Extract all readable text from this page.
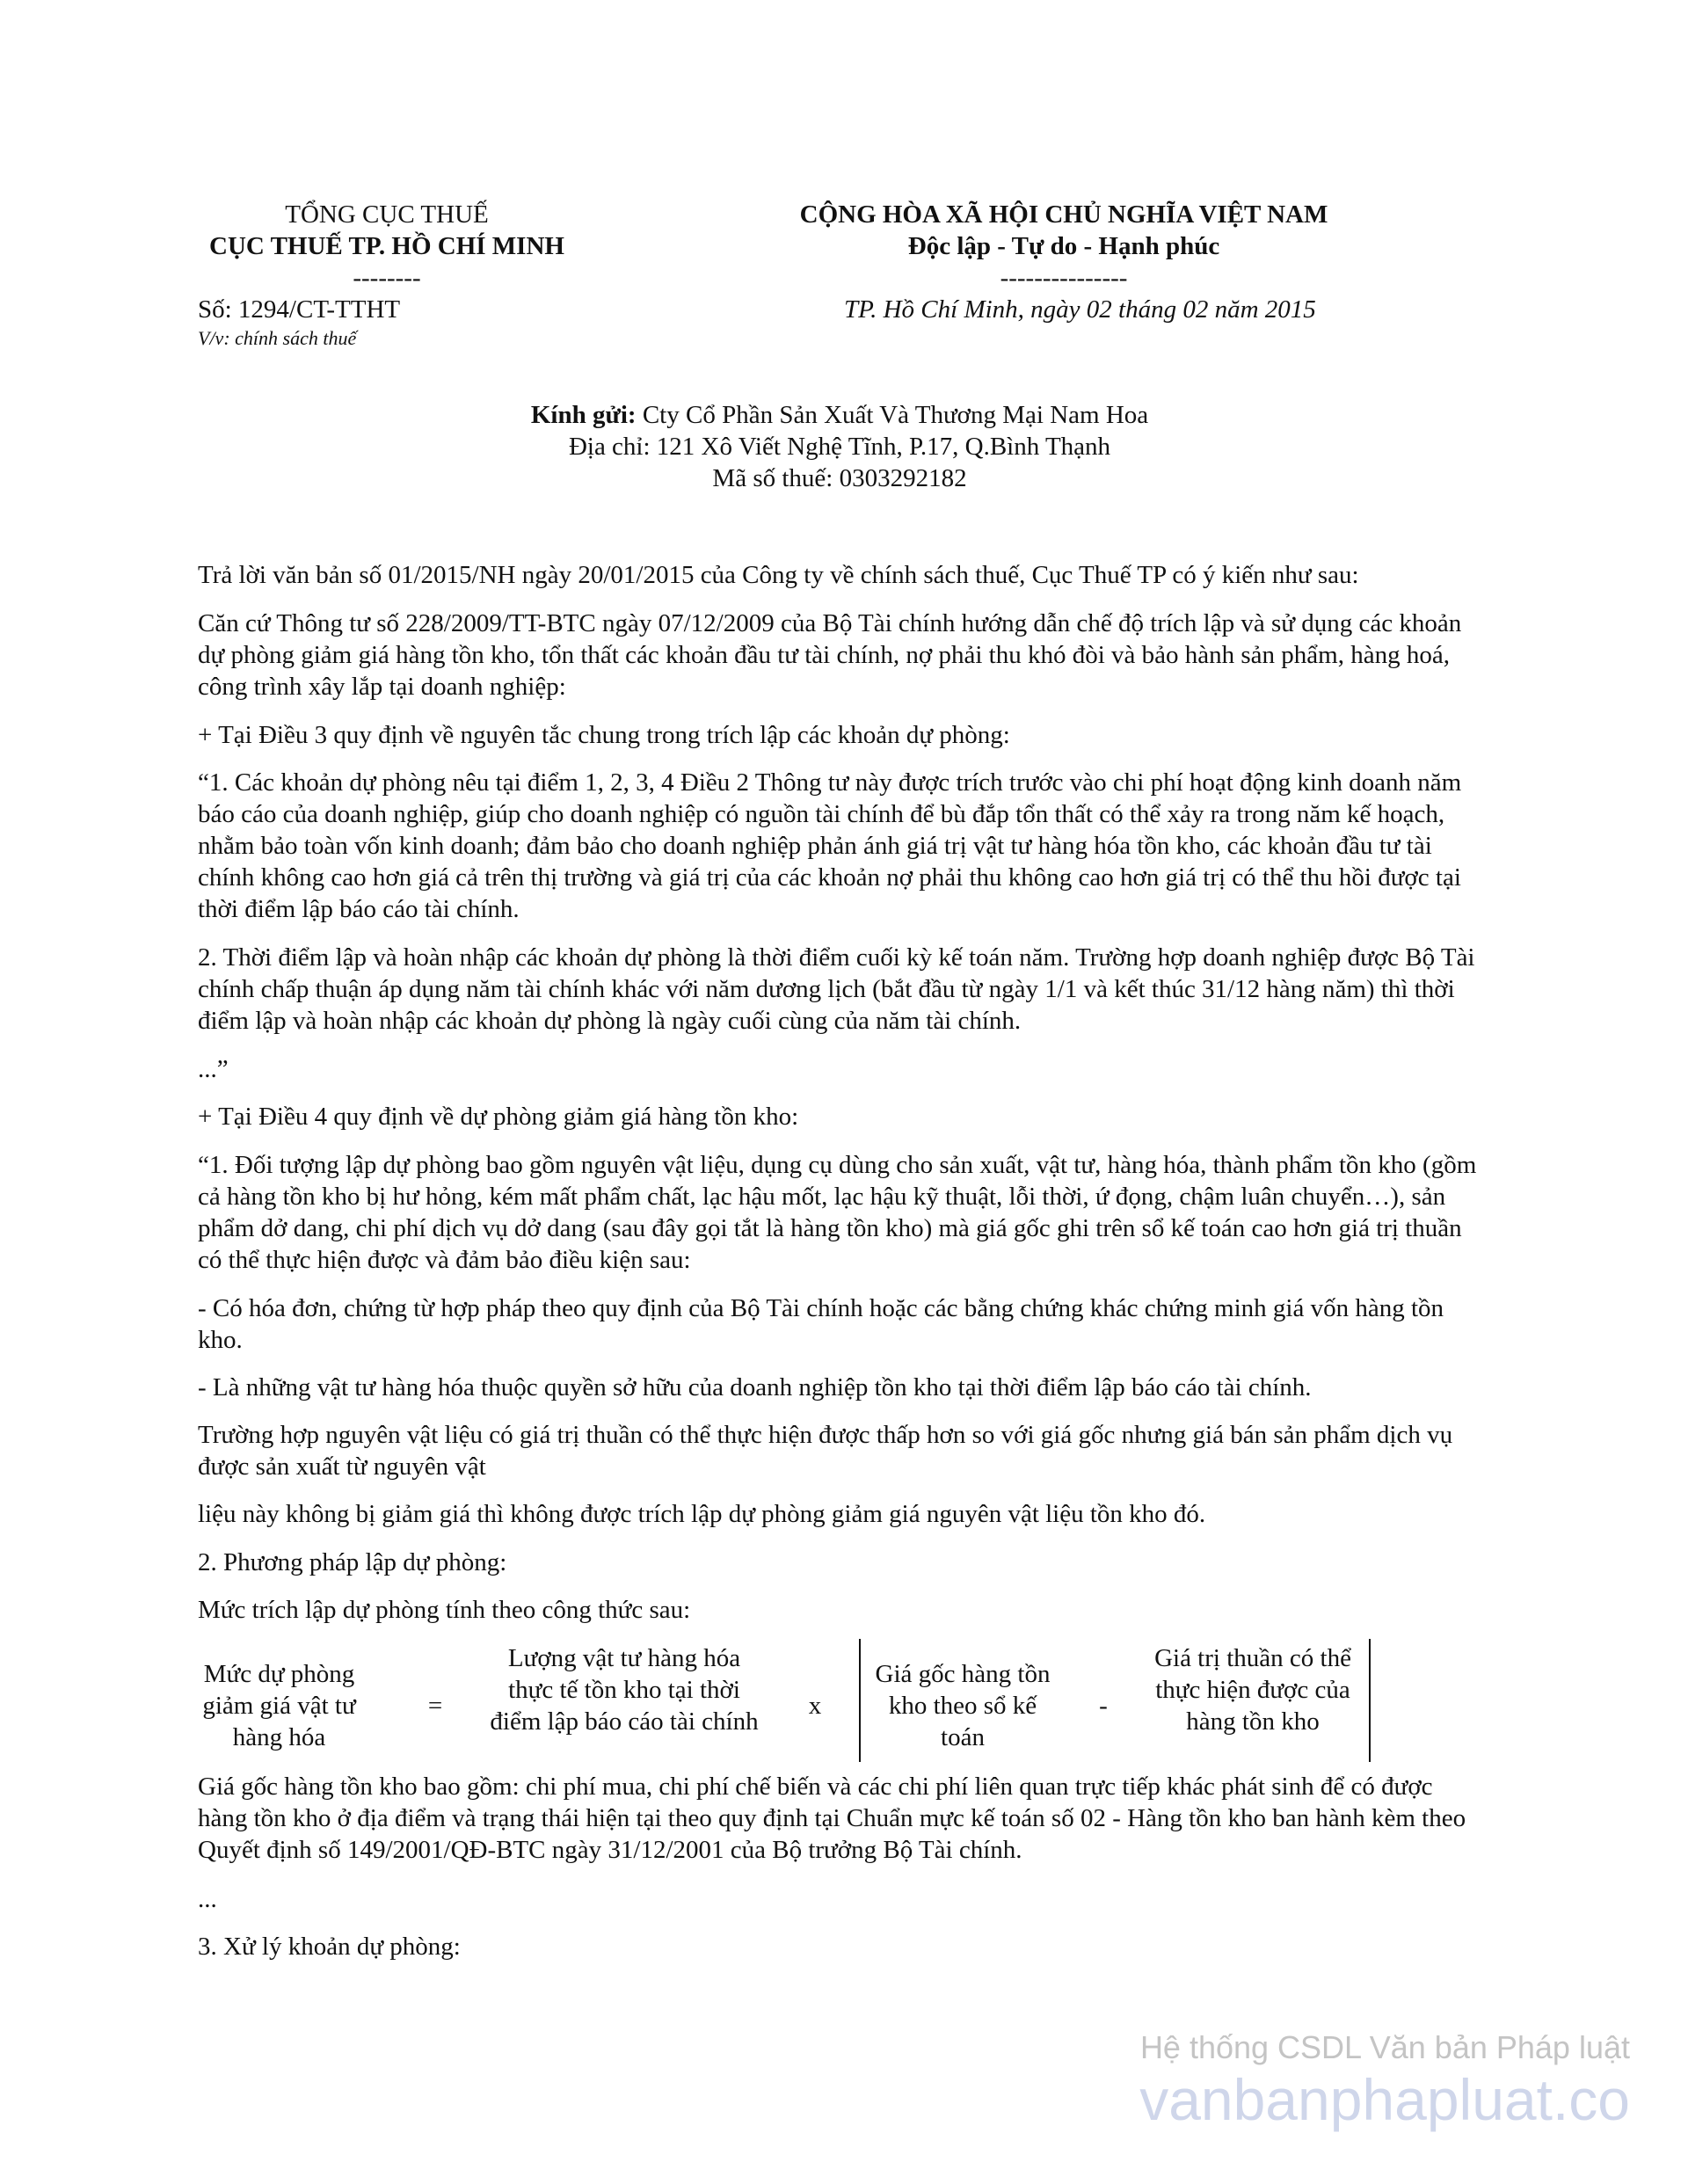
TỔNG CỤC THUẾ
CỤC THUẾ TP. HỒ CHÍ MINH
--------
Số: 1294/CT-TTHT
V/v: chính sách thuế
CỘNG HÒA XÃ HỘI CHỦ NGHĨA VIỆT NAM
Độc lập - Tự do - Hạnh phúc
---------------
TP. Hồ Chí Minh, ngày 02 tháng 02 năm 2015
Kính gửi: Cty Cổ Phần Sản Xuất Và Thương Mại Nam Hoa
Địa chỉ: 121 Xô Viết Nghệ Tĩnh, P.17, Q.Bình Thạnh
Mã số thuế: 0303292182
Trả lời văn bản số 01/2015/NH ngày 20/01/2015 của Công ty về chính sách thuế, Cục Thuế TP có ý kiến như sau:
Căn cứ Thông tư số 228/2009/TT-BTC ngày 07/12/2009 của Bộ Tài chính hướng dẫn chế độ trích lập và sử dụng các khoản dự phòng giảm giá hàng tồn kho, tổn thất các khoản đầu tư tài chính, nợ phải thu khó đòi và bảo hành sản phẩm, hàng hoá, công trình xây lắp tại doanh nghiệp:
+ Tại Điều 3 quy định về nguyên tắc chung trong trích lập các khoản dự phòng:
“1. Các khoản dự phòng nêu tại điểm 1, 2, 3, 4 Điều 2 Thông tư này được trích trước vào chi phí hoạt động kinh doanh năm báo cáo của doanh nghiệp, giúp cho doanh nghiệp có nguồn tài chính để bù đắp tổn thất có thể xảy ra trong năm kế hoạch, nhằm bảo toàn vốn kinh doanh; đảm bảo cho doanh nghiệp phản ánh giá trị vật tư hàng hóa tồn kho, các khoản đầu tư tài chính không cao hơn giá cả trên thị trường và giá trị của các khoản nợ phải thu không cao hơn giá trị có thể thu hồi được tại thời điểm lập báo cáo tài chính.
2. Thời điểm lập và hoàn nhập các khoản dự phòng là thời điểm cuối kỳ kế toán năm. Trường hợp doanh nghiệp được Bộ Tài chính chấp thuận áp dụng năm tài chính khác với năm dương lịch (bắt đầu từ ngày 1/1 và kết thúc 31/12 hàng năm) thì thời điểm lập và hoàn nhập các khoản dự phòng là ngày cuối cùng của năm tài chính.
...”
+ Tại Điều 4 quy định về dự phòng giảm giá hàng tồn kho:
“1. Đối tượng lập dự phòng bao gồm nguyên vật liệu, dụng cụ dùng cho sản xuất, vật tư, hàng hóa, thành phẩm tồn kho (gồm cả hàng tồn kho bị hư hỏng, kém mất phẩm chất, lạc hậu mốt, lạc hậu kỹ thuật, lỗi thời, ứ đọng, chậm luân chuyển…), sản phẩm dở dang, chi phí dịch vụ dở dang (sau đây gọi tắt là hàng tồn kho) mà giá gốc ghi trên sổ kế toán cao hơn giá trị thuần có thể thực hiện được và đảm bảo điều kiện sau:
- Có hóa đơn, chứng từ hợp pháp theo quy định của Bộ Tài chính hoặc các bằng chứng khác chứng minh giá vốn hàng tồn kho.
- Là những vật tư hàng hóa thuộc quyền sở hữu của doanh nghiệp tồn kho tại thời điểm lập báo cáo tài chính.
Trường hợp nguyên vật liệu có giá trị thuần có thể thực hiện được thấp hơn so với giá gốc nhưng giá bán sản phẩm dịch vụ được sản xuất từ nguyên vật
liệu này không bị giảm giá thì không được trích lập dự phòng giảm giá nguyên vật liệu tồn kho đó.
2. Phương pháp lập dự phòng:
Mức trích lập dự phòng tính theo công thức sau:
Mức dự phòng giảm giá vật tư hàng hóa
=
Lượng vật tư hàng hóa thực tế tồn kho tại thời điểm lập báo cáo tài chính
x
Giá gốc hàng tồn kho theo sổ kế toán
-
Giá trị thuần có thể thực hiện được của hàng tồn kho
Giá gốc hàng tồn kho bao gồm: chi phí mua, chi phí chế biến và các chi phí liên quan trực tiếp khác phát sinh để có được hàng tồn kho ở địa điểm và trạng thái hiện tại theo quy định tại Chuẩn mực kế toán số 02 - Hàng tồn kho ban hành kèm theo Quyết định số 149/2001/QĐ-BTC ngày 31/12/2001 của Bộ trưởng Bộ Tài chính.
...
3. Xử lý khoản dự phòng:
Hệ thống CSDL Văn bản Pháp luật
vanbanphapluat.co
